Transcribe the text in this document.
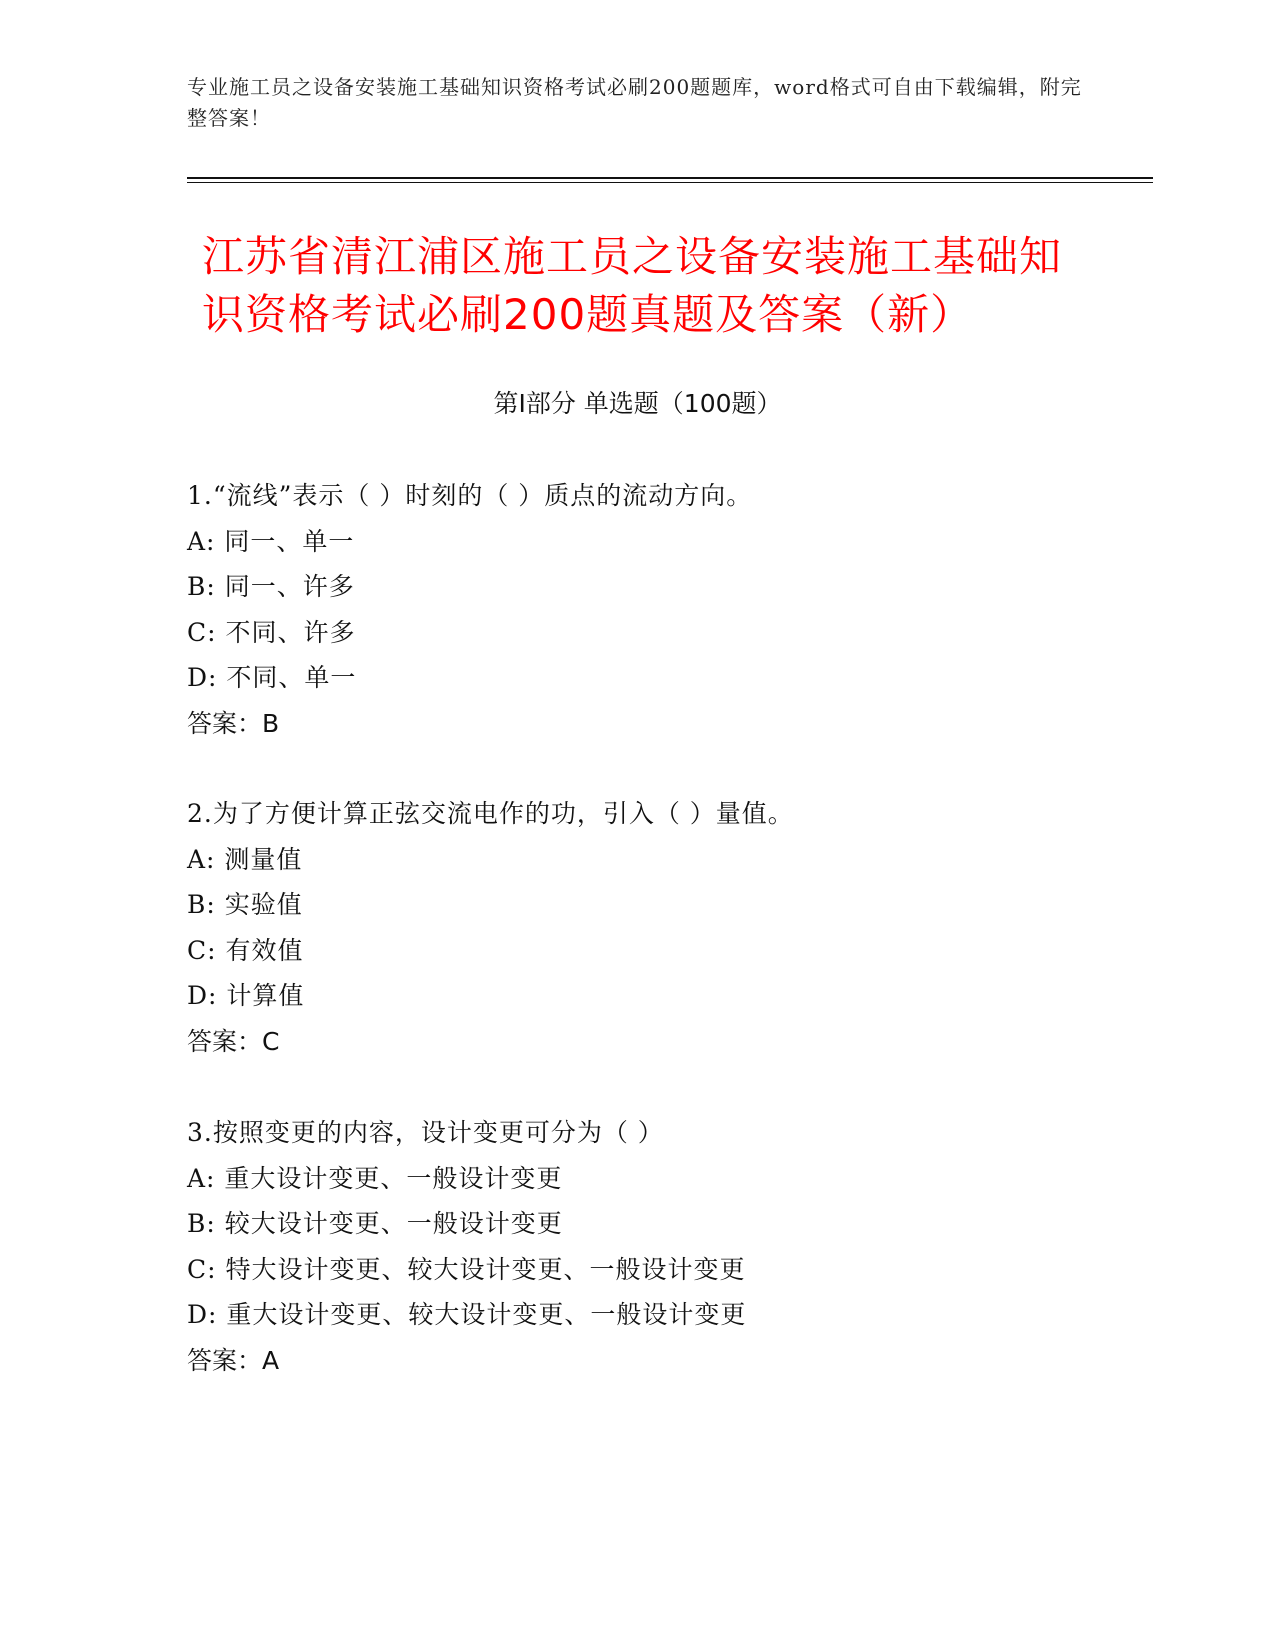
专业施工员之设备安装施工基础知识资格考试必刷200题题库，word格式可自由下载编辑，附完整答案！
江苏省清江浦区施工员之设备安装施工基础知识资格考试必刷200题真题及答案（新）
第Ⅰ部分 单选题（100题）
1.“流线”表示（ ）时刻的（ ）质点的流动方向。
A: 同一、单一
B: 同一、许多
C: 不同、许多
D: 不同、单一
答案：B
2.为了方便计算正弦交流电作的功，引入（ ）量值。
A: 测量值
B: 实验值
C: 有效值
D: 计算值
答案：C
3.按照变更的内容，设计变更可分为（ ）
A: 重大设计变更、一般设计变更
B: 较大设计变更、一般设计变更
C: 特大设计变更、较大设计变更、一般设计变更
D: 重大设计变更、较大设计变更、一般设计变更
答案：A
